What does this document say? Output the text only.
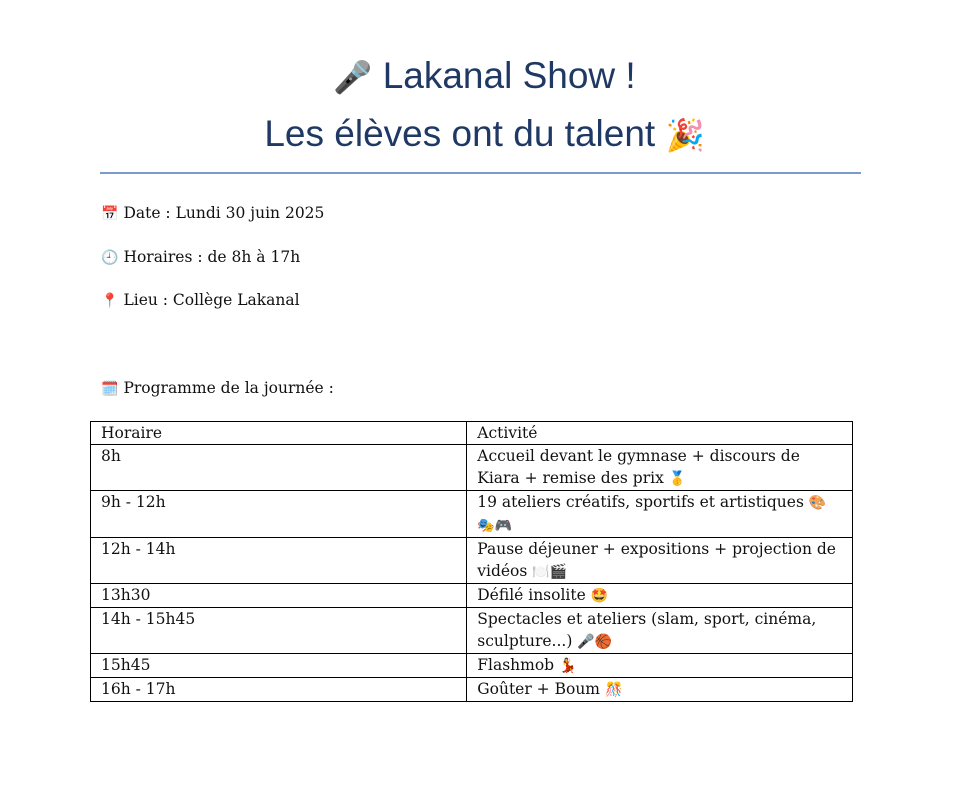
🎤 Lakanal Show !
Les élèves ont du talent 🎉
📅 Date : Lundi 30 juin 2025
🕘 Horaires : de 8h à 17h
📍 Lieu : Collège Lakanal
🗓️ Programme de la journée :
Horaire	Activité
8h	Accueil devant le gymnase + discours de Kiara + remise des prix 🥇
9h - 12h	19 ateliers créatifs, sportifs et artistiques 🎨🎭🎮
12h - 14h	Pause déjeuner + expositions + projection de vidéos 🍽️🎬
13h30	Défilé insolite 🤩
14h - 15h45	Spectacles et ateliers (slam, sport, cinéma, sculpture...) 🎤🏀
15h45	Flashmob 💃
16h - 17h	Goûter + Boum 🎊
